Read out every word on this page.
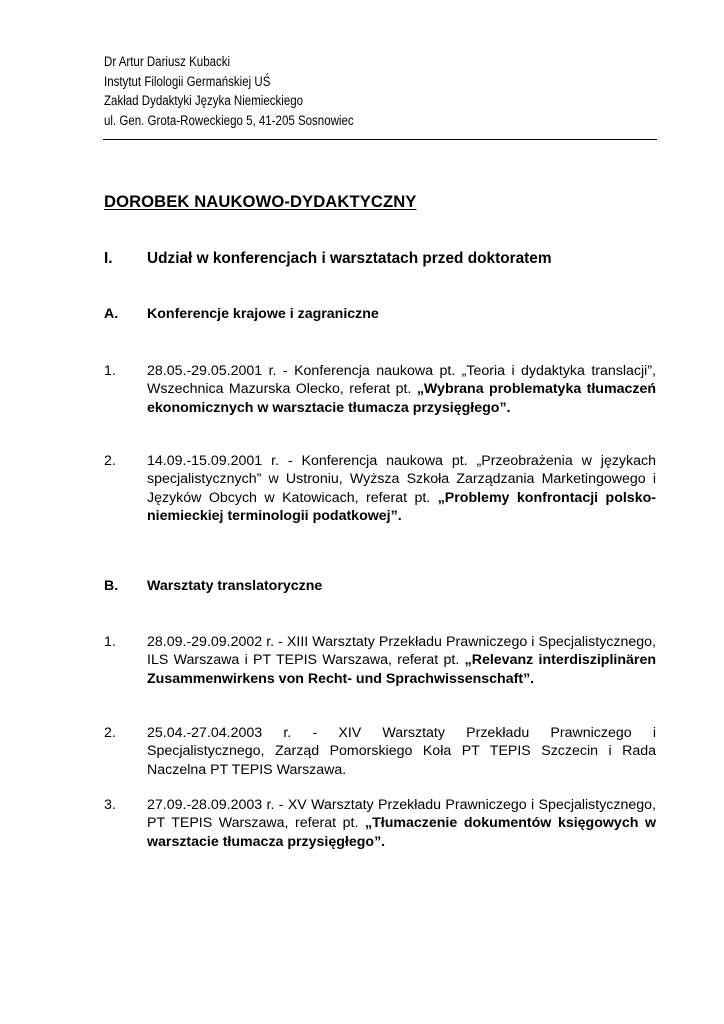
Dr Artur Dariusz Kubacki
Instytut Filologii Germańskiej UŚ
Zakład Dydaktyki Języka Niemieckiego
ul. Gen. Grota-Roweckiego 5, 41-205 Sosnowiec
DOROBEK NAUKOWO-DYDAKTYCZNY
I. Udział w konferencjach i warsztatach przed doktoratem
A. Konferencje krajowe i zagraniczne
1. 28.05.-29.05.2001 r. - Konferencja naukowa pt. „Teoria i dydaktyka translacji”, Wszechnica Mazurska Olecko, referat pt. „Wybrana problematyka tłumaczeń ekonomicznych w warsztacie tłumacza przysięgłego”.
2. 14.09.-15.09.2001 r. - Konferencja naukowa pt. „Przeobrażenia w językach specjalistycznych” w Ustroniu, Wyższa Szkoła Zarządzania Marketingowego i Języków Obcych w Katowicach, referat pt. „Problemy konfrontacji polsko-niemieckiej terminologii podatkowej”.
B. Warsztaty translatoryczne
1. 28.09.-29.09.2002 r. - XIII Warsztaty Przekładu Prawniczego i Specjalistycznego, ILS Warszawa i PT TEPIS Warszawa, referat pt. „Relevanz interdisziplinären Zusammenwirkens von Recht- und Sprachwissenschaft”.
2. 25.04.-27.04.2003 r. - XIV Warsztaty Przekładu Prawniczego i Specjalistycznego, Zarząd Pomorskiego Koła PT TEPIS Szczecin i Rada Naczelna PT TEPIS Warszawa.
3. 27.09.-28.09.2003 r. - XV Warsztaty Przekładu Prawniczego i Specjalistycznego, PT TEPIS Warszawa, referat pt. „Tłumaczenie dokumentów księgowych w warsztacie tłumacza przysięgłego”.
